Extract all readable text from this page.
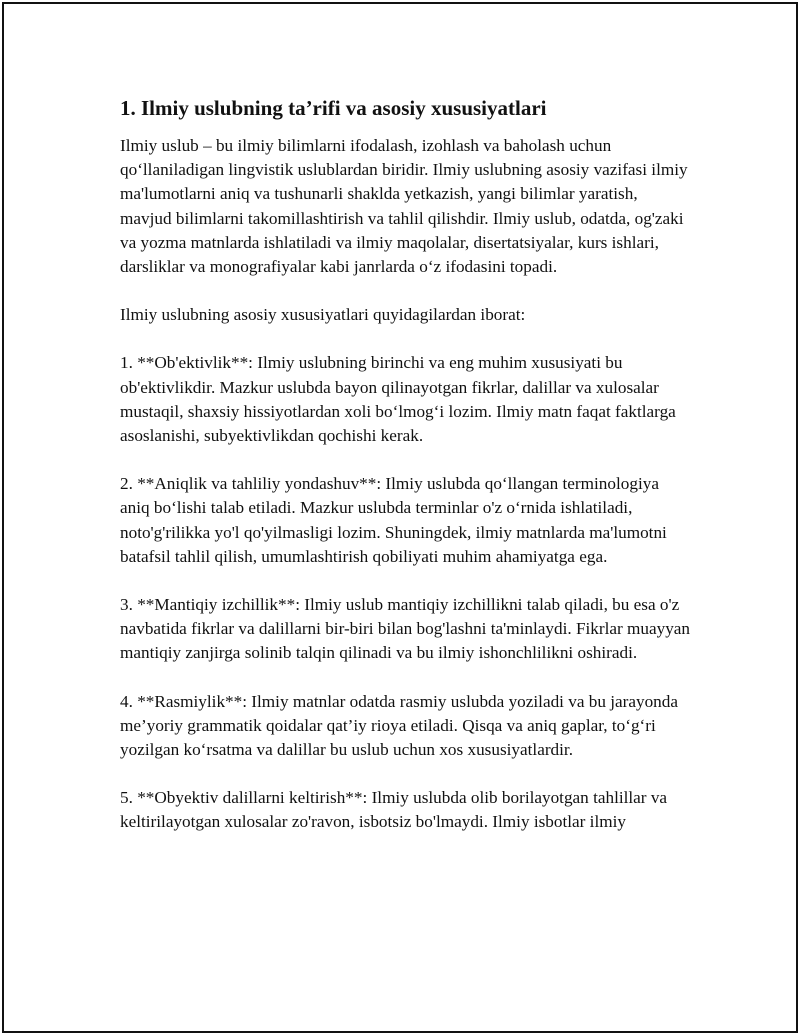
1. Ilmiy uslubning ta’rifi va asosiy xususiyatlari

Ilmiy uslub – bu ilmiy bilimlarni ifodalash, izohlash va baholash uchun qo‘llaniladigan lingvistik uslublardan biridir. Ilmiy uslubning asosiy vazifasi ilmiy ma'lumotlarni aniq va tushunarli shaklda yetkazish, yangi bilimlar yaratish, mavjud bilimlarni takomillashtirish va tahlil qilishdir. Ilmiy uslub, odatda, og'zaki va yozma matnlarda ishlatiladi va ilmiy maqolalar, disertatsiyalar, kurs ishlari, darsliklar va monografiyalar kabi janrlarda o‘z ifodasini topadi.

Ilmiy uslubning asosiy xususiyatlari quyidagilardan iborat:

1. **Ob'ektivlik**: Ilmiy uslubning birinchi va eng muhim xususiyati bu ob'ektivlikdir. Mazkur uslubda bayon qilinayotgan fikrlar, dalillar va xulosalar mustaqil, shaxsiy hissiyotlardan xoli bo‘lmog‘i lozim. Ilmiy matn faqat faktlarga asoslanishi, subyektivlikdan qochishi kerak.

2. **Aniqlik va tahliliy yondashuv**: Ilmiy uslubda qo‘llangan terminologiya aniq bo‘lishi talab etiladi. Mazkur uslubda terminlar o'z o‘rnida ishlatiladi, noto'g'rilikka yo'l qo'yilmasligi lozim. Shuningdek, ilmiy matnlarda ma'lumotni batafsil tahlil qilish, umumlashtirish qobiliyati muhim ahamiyatga ega.

3. **Mantiqiy izchillik**: Ilmiy uslub mantiqiy izchillikni talab qiladi, bu esa o'z navbatida fikrlar va dalillarni bir-biri bilan bog'lashni ta'minlaydi. Fikrlar muayyan mantiqiy zanjirga solinib talqin qilinadi va bu ilmiy ishonchlilikni oshiradi.

4. **Rasmiylik**: Ilmiy matnlar odatda rasmiy uslubda yoziladi va bu jarayonda me’yoriy grammatik qoidalar qat’iy rioya etiladi. Qisqa va aniq gaplar, to‘g‘ri yozilgan ko‘rsatma va dalillar bu uslub uchun xos xususiyatlardir.

5. **Obyektiv dalillarni keltirish**: Ilmiy uslubda olib borilayotgan tahlillar va keltirilayotgan xulosalar zo'ravon, isbotsiz bo'lmaydi. Ilmiy isbotlar ilmiy
